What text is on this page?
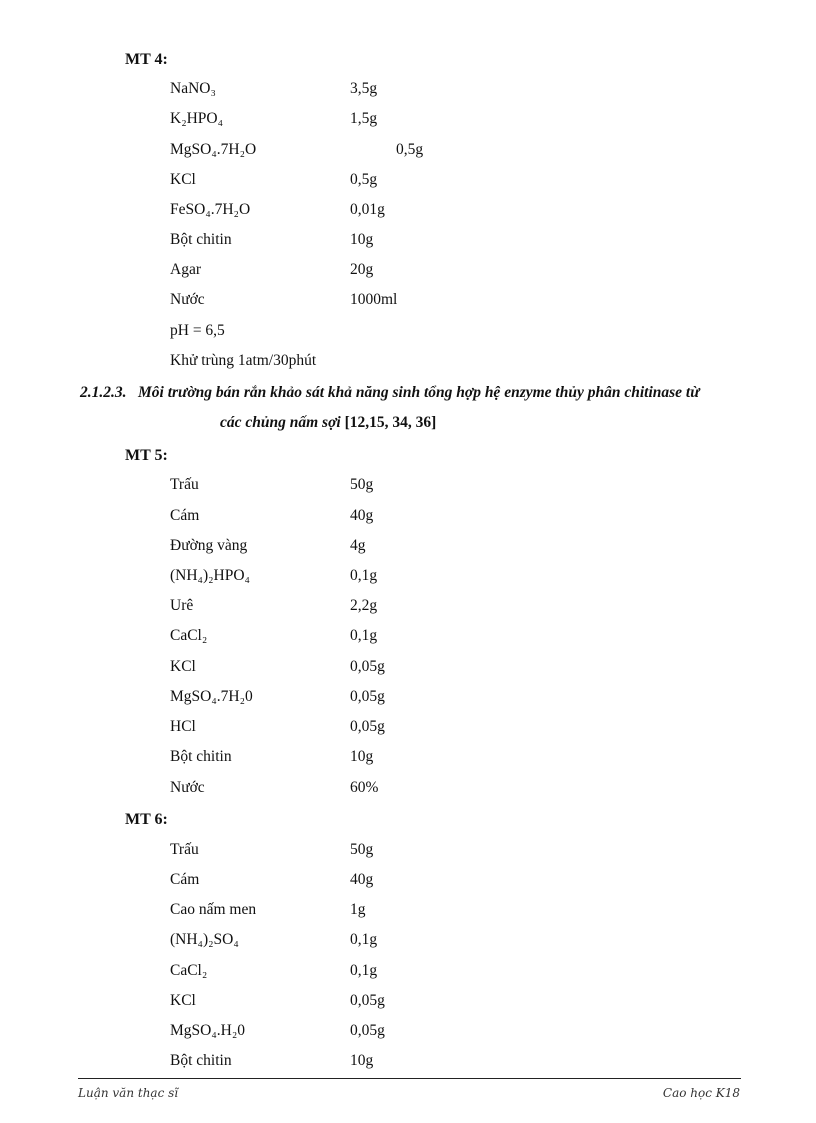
MT 4:
NaNO₃	3,5g
K₂HPO₄	1,5g
MgSO₄.7H₂O	0,5g
KCl	0,5g
FeSO₄.7H₂O	0,01g
Bột chitin	10g
Agar	20g
Nước	1000ml
pH = 6,5
Khử trùng 1atm/30phút
2.1.2.3. Môi trường bán rắn khảo sát khả năng sinh tổng hợp hệ enzyme thủy phân chitinase từ
các chủng nấm sợi [12,15, 34, 36]
MT 5:
Trấu	50g
Cám	40g
Đường vàng	4g
(NH₄)₂HPO₄	0,1g
Urê	2,2g
CaCl₂	0,1g
KCl	0,05g
MgSO₄.7H₂0	0,05g
HCl	0,05g
Bột chitin	10g
Nước	60%
MT 6:
Trấu	50g
Cám	40g
Cao nấm men	1g
(NH₄)₂SO₄	0,1g
CaCl₂	0,1g
KCl	0,05g
MgSO₄.H₂0	0,05g
Bột chitin	10g
Luận văn thạc sĩ	Cao học K18
